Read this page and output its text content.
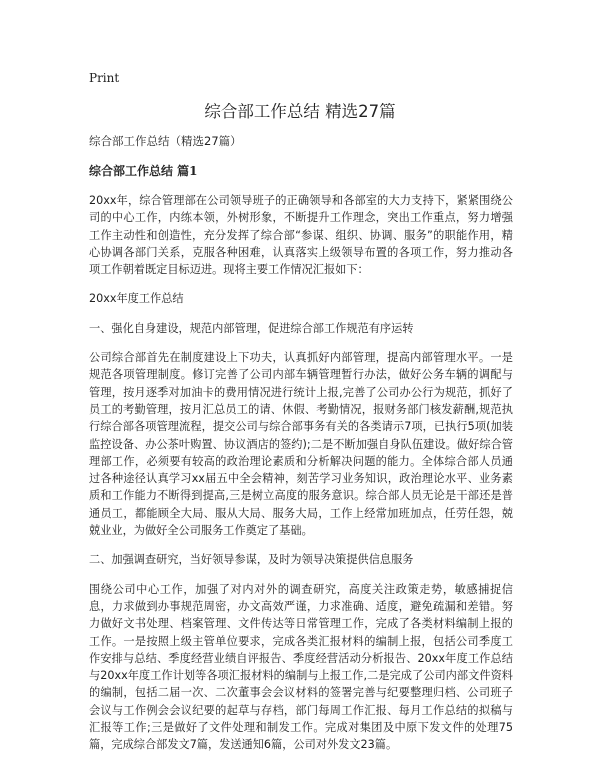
Print
综合部工作总结 精选27篇

综合部工作总结（精选27篇）

综合部工作总结 篇1

20xx年，综合管理部在公司领导班子的正确领导和各部室的大力支持下，紧紧围绕公司的中心工作，内练本领，外树形象，不断提升工作理念，突出工作重点，努力增强工作主动性和创造性，充分发挥了综合部“参谋、组织、协调、服务”的职能作用，精心协调各部门关系，克服各种困难，认真落实上级领导布置的各项工作，努力推动各项工作朝着既定目标迈进。现将主要工作情况汇报如下：

20xx年度工作总结

一、强化自身建设，规范内部管理，促进综合部工作规范有序运转

公司综合部首先在制度建设上下功夫，认真抓好内部管理，提高内部管理水平。一是规范各项管理制度。修订完善了公司内部车辆管理暂行办法，做好公务车辆的调配与管理，按月逐季对加油卡的费用情况进行统计上报,完善了公司办公行为规范，抓好了员工的考勤管理，按月汇总员工的请、休假、考勤情况，报财务部门核发薪酬,规范执行综合部各项管理流程，提交公司与综合部事务有关的各类请示7项，已执行5项(加装监控设备、办公茶叶购置、协议酒店的签约);二是不断加强自身队伍建设。做好综合管理部工作，必须要有较高的政治理论素质和分析解决问题的能力。全体综合部人员通过各种途径认真学习xx届五中全会精神，刻苦学习业务知识，政治理论水平、业务素质和工作能力不断得到提高,三是树立高度的服务意识。综合部人员无论是干部还是普通员工，都能顾全大局、服从大局、服务大局，工作上经常加班加点，任劳任怨，兢兢业业，为做好全公司服务工作奠定了基础。

二、加强调查研究，当好领导参谋，及时为领导决策提供信息服务

围绕公司中心工作，加强了对内对外的调查研究，高度关注政策走势，敏感捕捉信息，力求做到办事规范周密，办文高效严谨，力求准确、适度，避免疏漏和差错。努力做好文书处理、档案管理、文件传达等日常管理工作，完成了各类材料编制上报的工作。一是按照上级主管单位要求，完成各类汇报材料的编制上报，包括公司季度工作安排与总结、季度经营业绩自评报告、季度经营活动分析报告、20xx年度工作总结与20xx年度工作计划等各项汇报材料的编制与上报工作,二是完成了公司内部文件资料的编制，包括二届一次、二次董事会会议材料的签署完善与纪要整理归档、公司班子会议与工作例会会议纪要的起草与存档，部门每周工作汇报、每月工作总结的拟稿与汇报等工作;三是做好了文件处理和制发工作。完成对集团及中原下发文件的处理75篇，完成综合部发文7篇，发送通知6篇，公司对外发文23篇。
